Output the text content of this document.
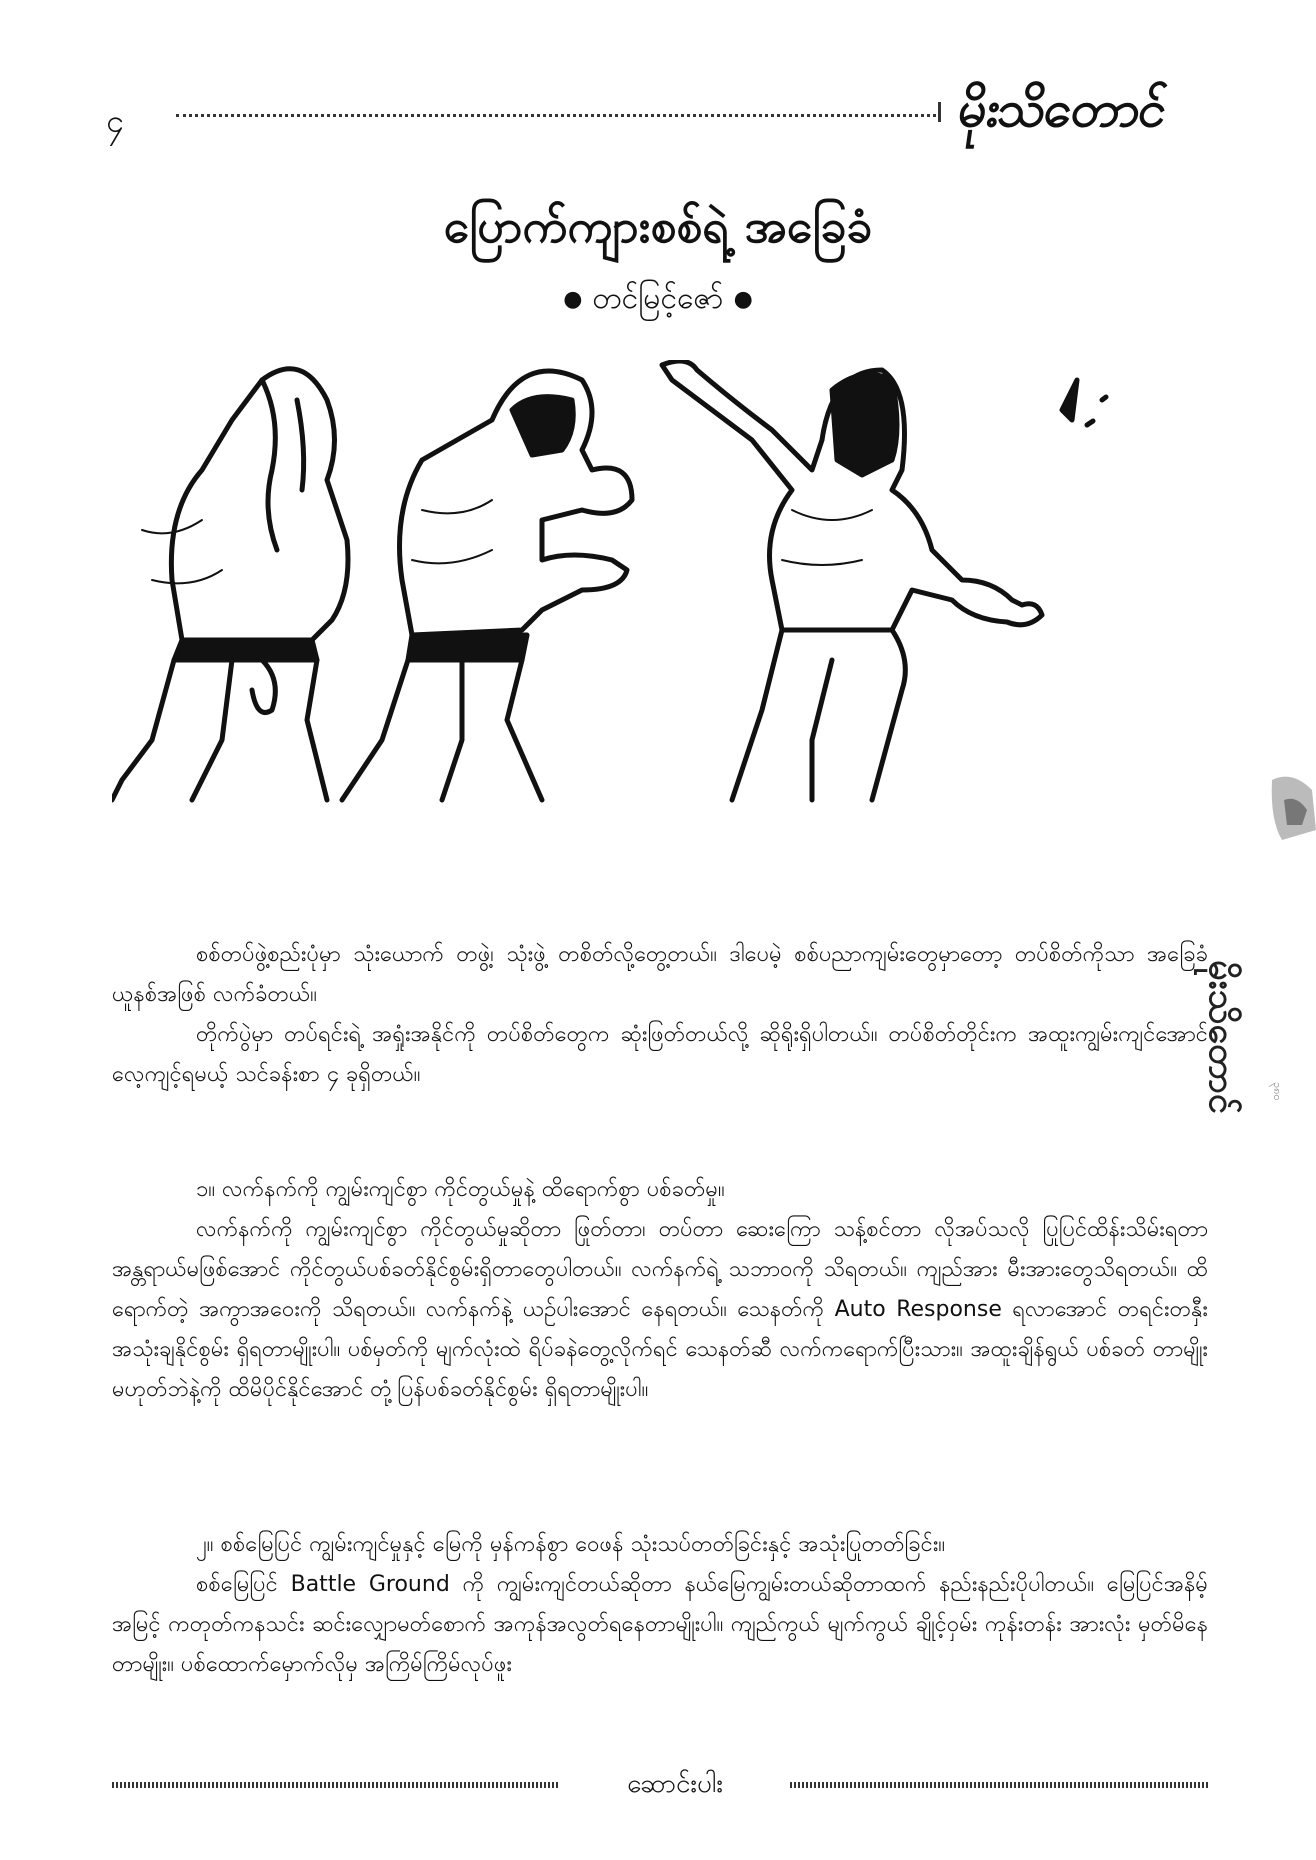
၄	မိုးသိတောင်
ပြောက်ကျားစစ်ရဲ့ အခြေခံ
● တင်မြင့်ဇော် ●

စစ်တပ်ဖွဲ့စည်းပုံမှာ သုံးယောက် တဖွဲ့၊ သုံးဖွဲ့ တစိတ်လို့တွေ့တယ်။ ဒါပေမဲ့ စစ်ပညာကျမ်းတွေမှာတော့ တပ်စိတ်ကိုသာ အခြေခံယူနစ်အဖြစ် လက်ခံတယ်။

တိုက်ပွဲမှာ တပ်ရင်းရဲ့ အရှုံးအနိုင်ကို တပ်စိတ်တွေက ဆုံးဖြတ်တယ်လို့ ဆိုရိုးရှိပါတယ်။ တပ်စိတ်တိုင်းက အထူးကျွမ်းကျင်အောင် လေ့ကျင့်ရမယ့် သင်ခန်းစာ ၄ ခုရှိတယ်။

၁။ လက်နက်ကို ကျွမ်းကျင်စွာ ကိုင်တွယ်မှုနဲ့ ထိရောက်စွာ ပစ်ခတ်မှု။

လက်နက်ကို ကျွမ်းကျင်စွာ ကိုင်တွယ်မှုဆိုတာ ဖြုတ်တာ၊ တပ်တာ ဆေးကြော သန့်စင်တာ လိုအပ်သလို ပြုပြင်ထိန်းသိမ်းရတာ အန္တရာယ်မဖြစ်အောင် ကိုင်တွယ်ပစ်ခတ်နိုင်စွမ်းရှိတာတွေပါတယ်။ လက်နက်ရဲ့ သဘာဝကို သိရတယ်။ ကျည်အား မီးအားတွေသိရတယ်။ ထိရောက်တဲ့ အကွာအဝေးကို သိရတယ်။ လက်နက်နဲ့ ယဉ်ပါးအောင် နေရတယ်။ သေနတ်ကို Auto Response ရလာအောင် တရင်းတနှီး အသုံးချနိုင်စွမ်း ရှိရတာမျိုးပါ။ ပစ်မှတ်ကို မျက်လုံးထဲ ရိပ်ခနဲတွေ့လိုက်ရင် သေနတ်ဆီ လက်ကရောက်ပြီးသား။ အထူးချိန်ရွယ် ပစ်ခတ် တာမျိုး မဟုတ်ဘဲနဲ့ကို ထိမိပိုင်နိုင်အောင် တုံ့ပြန်ပစ်ခတ်နိုင်စွမ်း ရှိရတာမျိုးပါ။

၂။ စစ်မြေပြင် ကျွမ်းကျင်မှုနှင့် မြေကို မှန်ကန်စွာ ဝေဖန် သုံးသပ်တတ်ခြင်းနှင့် အသုံးပြုတတ်ခြင်း။

စစ်မြေပြင် Battle Ground ကို ကျွမ်းကျင်တယ်ဆိုတာ နယ်မြေကျွမ်းတယ်ဆိုတာထက် နည်းနည်းပိုပါတယ်။ မြေပြင်အနိမ့်အမြင့် ကတုတ်ကနသင်း ဆင်းလျှောမတ်စောက် အကုန်အလွတ်ရနေတာမျိုးပါ။ ကျည်ကွယ် မျက်ကွယ် ချိုင့်ဝှမ်း ကုန်းတန်း အားလုံး မှတ်မိနေတာမျိုး။ ပစ်ထောက်မှောက်လိုမှ အကြိမ်ကြိမ်လုပ်ဖူး

ဆောင်းပါး
မိုးသိတောင်	၃၈၀
